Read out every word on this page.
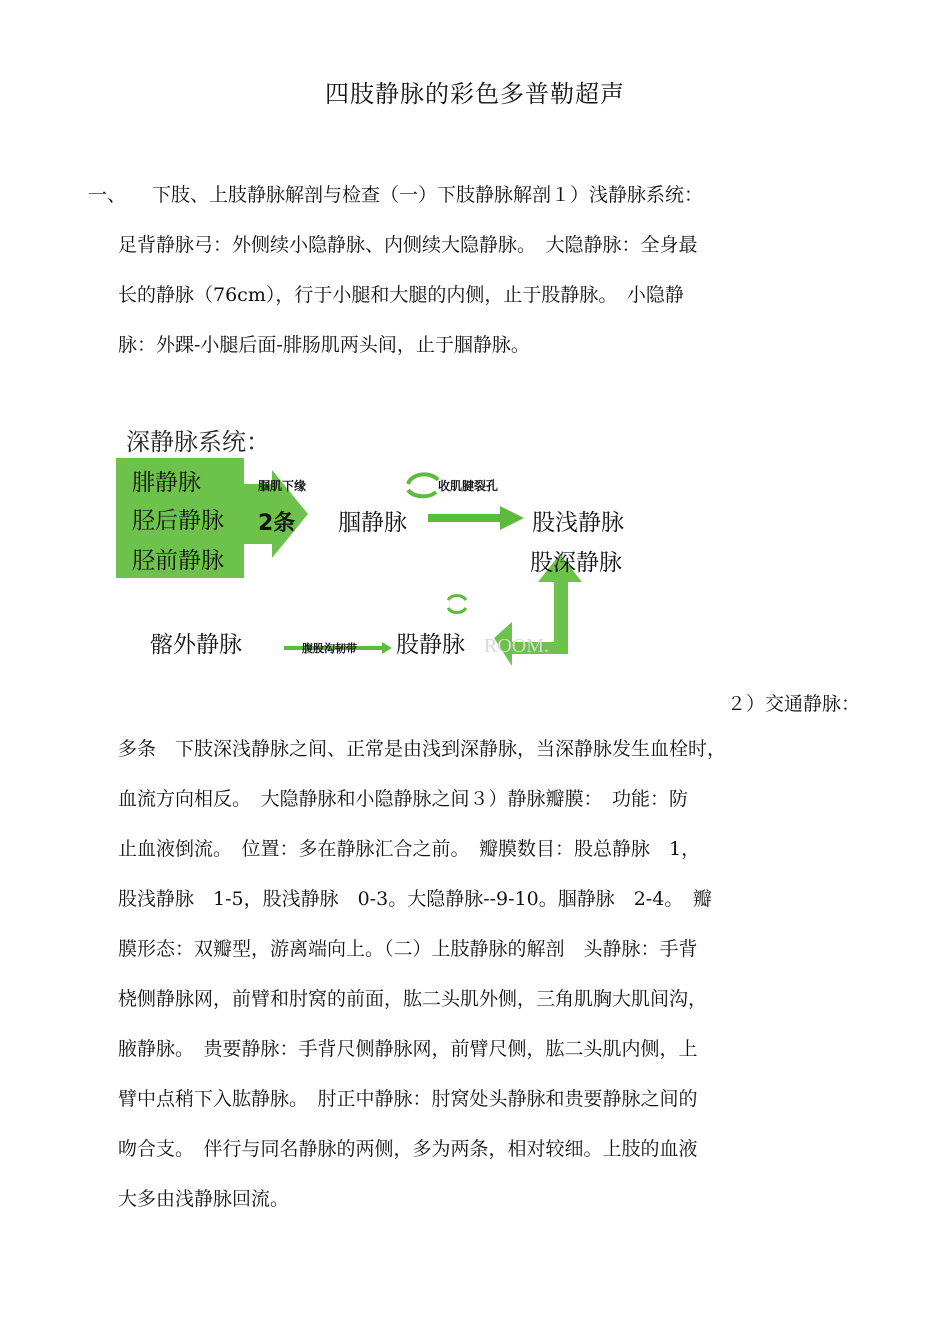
四肢静脉的彩色多普勒超声
一、 下肢、上肢静脉解剖与检查（一）下肢静脉解剖１）浅静脉系统：
足背静脉弓：外侧续小隐静脉、内侧续大隐静脉。　大隐静脉：全身最
长的静脉（76cm），行于小腿和大腿的内侧，止于股静脉。　小隐静
脉：外踝-小腿后面-腓肠肌两头间，止于腘静脉。
深静脉系统：
腓静脉
胫后静脉
胫前静脉
腘肌下缘
2条 腘静脉
收肌腱裂孔
股浅静脉
股深静脉
髂外静脉	腹股沟韧带 股静脉 ROOM.
２）交通静脉：
多条　下肢深浅静脉之间、正常是由浅到深静脉，当深静脉发生血栓时，
血流方向相反。　大隐静脉和小隐静脉之间３）静脉瓣膜：　功能：防
止血液倒流。　位置：多在静脉汇合之前。　瓣膜数目：股总静脉　1，
股浅静脉　1-5，股浅静脉　0-3。大隐静脉--9-10。腘静脉　2-4。　瓣
膜形态：双瓣型，游离端向上。（二）上肢静脉的解剖　头静脉：手背
桡侧静脉网，前臂和肘窝的前面，肱二头肌外侧，三角肌胸大肌间沟，
腋静脉。　贵要静脉：手背尺侧静脉网，前臂尺侧，肱二头肌内侧，上
臂中点稍下入肱静脉。　肘正中静脉：肘窝处头静脉和贵要静脉之间的
吻合支。　伴行与同名静脉的两侧，多为两条，相对较细。上肢的血液
大多由浅静脉回流。
